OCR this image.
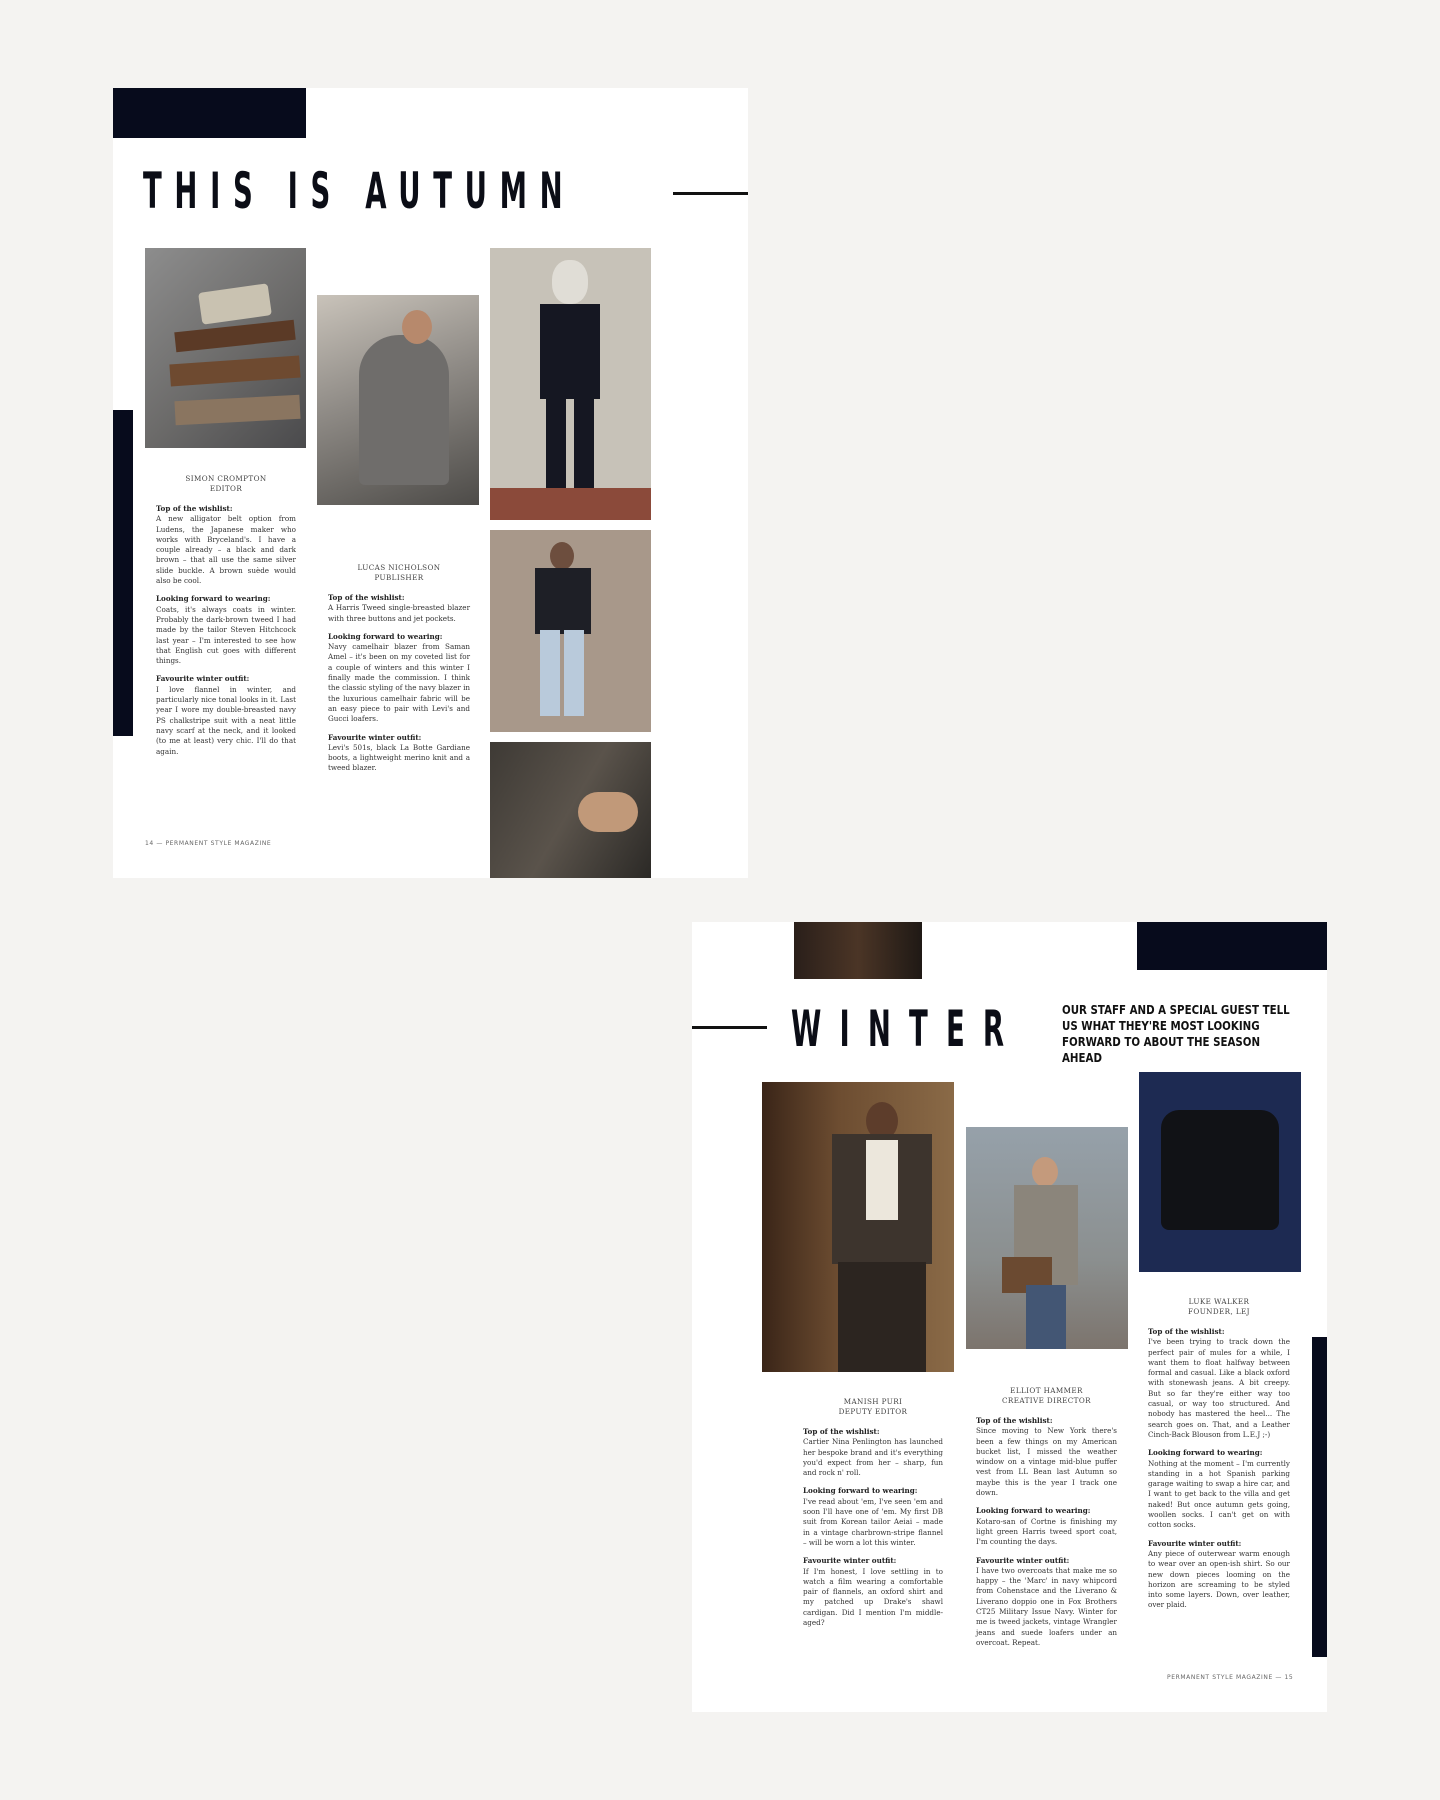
THIS IS AUTUMN
SIMON CROMPTON
EDITOR

Top of the wishlist:

A new alligator belt option from Ludens, the Japanese maker who works with Bryceland's. I have a couple already – a black and dark brown – that all use the same silver slide buckle. A brown suède would also be cool.

Looking forward to wearing:

Coats, it's always coats in winter. Probably the dark-brown tweed I had made by the tailor Steven Hitchcock last year – I'm interested to see how that English cut goes with different things.

Favourite winter outfit:

I love flannel in winter, and particularly nice tonal looks in it. Last year I wore my double-breasted navy PS chalkstripe suit with a neat little navy scarf at the neck, and it looked (to me at least) very chic. I'll do that again.

LUCAS NICHOLSON
PUBLISHER

Top of the wishlist:

A Harris Tweed single-breasted blazer with three buttons and jet pockets.

Looking forward to wearing:

Navy camelhair blazer from Saman Amel – it's been on my coveted list for a couple of winters and this winter I finally made the commission. I think the classic styling of the navy blazer in the luxurious camelhair fabric will be an easy piece to pair with Levi's and Gucci loafers.

Favourite winter outfit:

Levi's 501s, black La Botte Gardiane boots, a lightweight merino knit and a tweed blazer.

14 — PERMANENT STYLE MAGAZINE
WINTER	OUR STAFF AND A SPECIAL GUEST TELL US WHAT THEY'RE MOST LOOKING FORWARD TO ABOUT THE SEASON AHEAD
MANISH PURI
DEPUTY EDITOR

Top of the wishlist:

Cartier Nina Penlington has launched her bespoke brand and it's everything you'd expect from her – sharp, fun and rock n' roll.

Looking forward to wearing:

I've read about 'em, I've seen 'em and soon I'll have one of 'em. My first DB suit from Korean tailor Aeiai – made in a vintage charbrown-stripe flannel – will be worn a lot this winter.

Favourite winter outfit:

If I'm honest, I love settling in to watch a film wearing a comfortable pair of flannels, an oxford shirt and my patched up Drake's shawl cardigan. Did I mention I'm middle-aged?

ELLIOT HAMMER
CREATIVE DIRECTOR

Top of the wishlist:

Since moving to New York there's been a few things on my American bucket list, I missed the weather window on a vintage mid-blue puffer vest from LL Bean last Autumn so maybe this is the year I track one down.

Looking forward to wearing:

Kotaro-san of Cortne is finishing my light green Harris tweed sport coat, I'm counting the days.

Favourite winter outfit:

I have two overcoats that make me so happy – the 'Marc' in navy whipcord from Cohenstace and the Liverano & Liverano doppio one in Fox Brothers CT25 Military Issue Navy. Winter for me is tweed jackets, vintage Wrangler jeans and suede loafers under an overcoat. Repeat.

LUKE WALKER
FOUNDER, LEJ

Top of the wishlist:

I've been trying to track down the perfect pair of mules for a while, I want them to float halfway between formal and casual. Like a black oxford with stonewash jeans. A bit creepy. But so far they're either way too casual, or way too structured. And nobody has mastered the heel... The search goes on. That, and a Leather Cinch-Back Blouson from L.E.J ;-)

Looking forward to wearing:

Nothing at the moment – I'm currently standing in a hot Spanish parking garage waiting to swap a hire car, and I want to get back to the villa and get naked! But once autumn gets going, woollen socks. I can't get on with cotton socks.

Favourite winter outfit:

Any piece of outerwear warm enough to wear over an open-ish shirt. So our new down pieces looming on the horizon are screaming to be styled into some layers. Down, over leather, over plaid.

PERMANENT STYLE MAGAZINE — 15
